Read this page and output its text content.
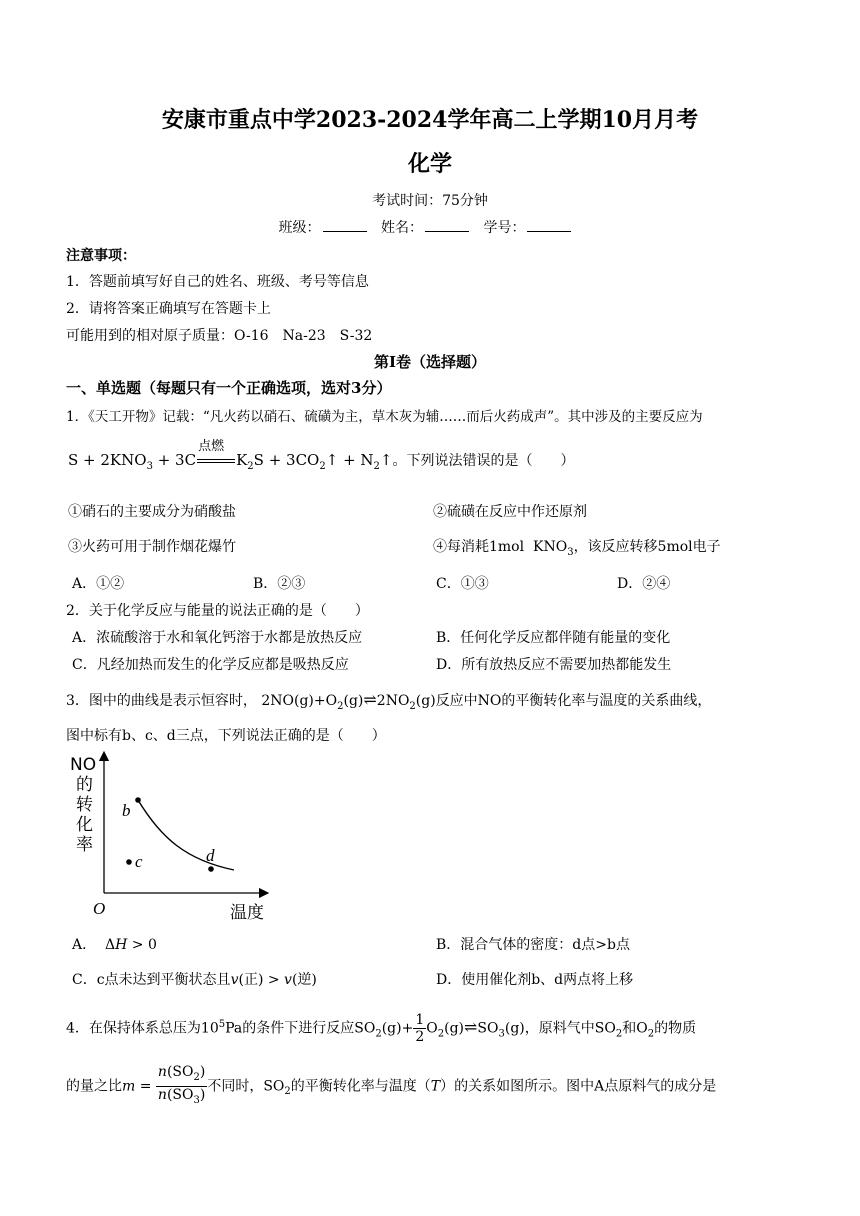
安康市重点中学2023-2024学年高二上学期10月月考
化学
考试时间：75分钟
班级：	姓名：	学号：
注意事项：
1．答题前填写好自己的姓名、班级、考号等信息
2．请将答案正确填写在答题卡上
可能用到的相对原子质量：O-16　Na-23　S-32
第Ⅰ卷（选择题）
一、单选题（每题只有一个正确选项，选对3分）
1．《天工开物》记载：“凡火药以硝石、硫磺为主，草木灰为辅……而后火药成声”。其中涉及的主要反应为
$S + 2KNO_3 + 3C$
点燃
$K_2S$ + $3CO_2↑$ + $N_2↑$。下列说法错误的是（　　）
①硝石的主要成分为硝酸盐	②硫磺在反应中作还原剂
③火药可用于制作烟花爆竹	④每消耗1mol  $KNO_3$，该反应转移5mol电子
A．①②	B．②③	C．①③	D．②④
2．关于化学反应与能量的说法正确的是（　　）
A．浓硫酸溶于水和氧化钙溶于水都是放热反应	B．任何化学反应都伴随有能量的变化
C．凡经加热而发生的化学反应都是吸热反应	D．所有放热反应不需要加热都能发生
3．图中的曲线是表示恒容时， $2NO(g)+O_2(g)\rightleftharpoons 2NO_2(g)$反应中NO的平衡转化率与温度的关系曲线，
图中标有b、c、d三点，下列说法正确的是（　　）
b
c	d
O	温度
NO
的
转
化
率
A．  ΔH > 0	B．混合气体的密度：d点>b点
C．c点未达到平衡状态且v(正) > v(逆)	D．使用催化剂b、d两点将上移
4．在保持体系总压为$10^5Pa$的条件下进行反应$SO_2(g)+ \frac{1}{2}$ $O_2(g)\rightleftharpoons SO_3(g)$，原料气中$SO_2$和$O_2$的物质
的量之比$m = \frac{n(SO_2)}{n(SO_3)}$ 不同时，$SO_2$的平衡转化率与温度（T）的关系如图所示。图中A点原料气的成分是
